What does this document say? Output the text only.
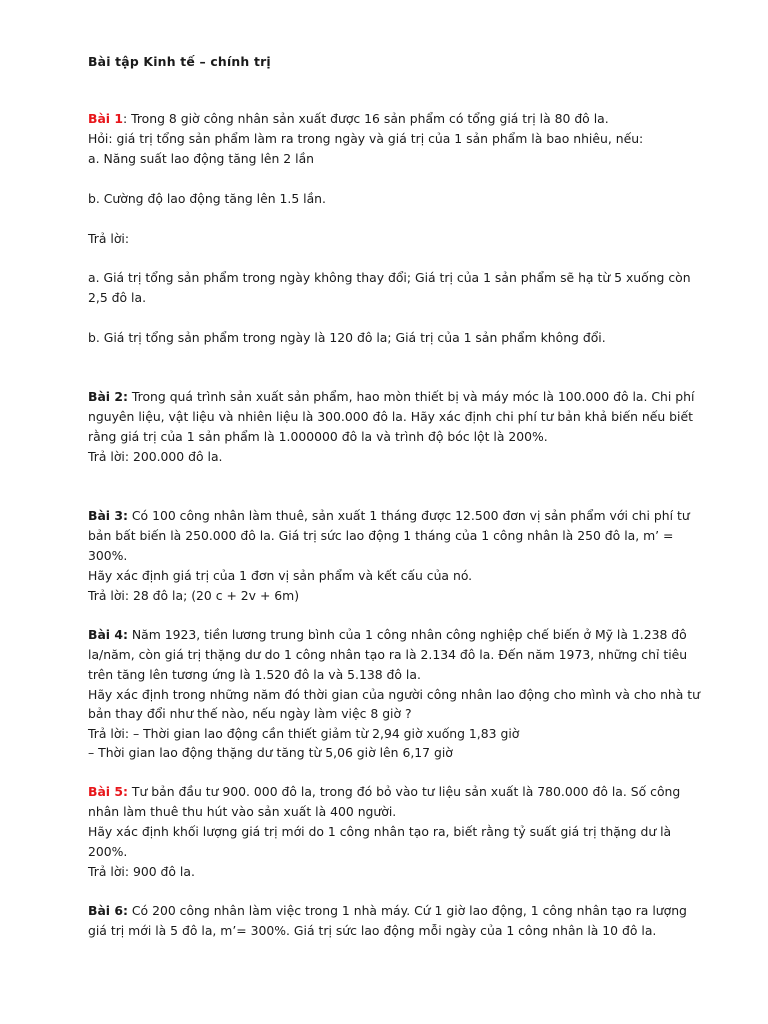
Bài tập Kinh tế – chính trị
Bài 1: Trong 8 giờ công nhân sản xuất được 16 sản phẩm có tổng giá trị là 80 đô la.
Hỏi: giá trị tổng sản phẩm làm ra trong ngày và giá trị của 1 sản phẩm là bao nhiêu, nếu:
a. Năng suất lao động tăng lên 2 lần
b. Cường độ lao động tăng lên 1.5 lần.
Trả lời:
a. Giá trị tổng sản phẩm trong ngày không thay đổi; Giá trị của 1 sản phẩm sẽ hạ từ 5 xuống còn
2,5 đô la.
b. Giá trị tổng sản phẩm trong ngày là 120 đô la; Giá trị của 1 sản phẩm không đổi.
Bài 2: Trong quá trình sản xuất sản phẩm, hao mòn thiết bị và máy móc là 100.000 đô la. Chi phí
nguyên liệu, vật liệu và nhiên liệu là 300.000 đô la. Hãy xác định chi phí tư bản khả biến nếu biết
rằng giá trị của 1 sản phẩm là 1.000000 đô la và trình độ bóc lột là 200%.
Trả lời: 200.000 đô la.
Bài 3: Có 100 công nhân làm thuê, sản xuất 1 tháng được 12.500 đơn vị sản phẩm với chi phí tư
bản bất biến là 250.000 đô la. Giá trị sức lao động 1 tháng của 1 công nhân là 250 đô la, m’ =
300%.
Hãy xác định giá trị của 1 đơn vị sản phẩm và kết cấu của nó.
Trả lời: 28 đô la; (20 c + 2v + 6m)
Bài 4: Năm 1923, tiền lương trung bình của 1 công nhân công nghiệp chế biến ở Mỹ là 1.238 đô
la/năm, còn giá trị thặng dư do 1 công nhân tạo ra là 2.134 đô la. Đến năm 1973, những chỉ tiêu
trên tăng lên tương ứng là 1.520 đô la và 5.138 đô la.
Hãy xác định trong những năm đó thời gian của người công nhân lao động cho mình và cho nhà tư
bản thay đổi như thế nào, nếu ngày làm việc 8 giờ ?
Trả lời: – Thời gian lao động cần thiết giảm từ 2,94 giờ xuống 1,83 giờ
– Thời gian lao động thặng dư tăng từ 5,06 giờ lên 6,17 giờ
Bài 5: Tư bản đầu tư 900. 000 đô la, trong đó bỏ vào tư liệu sản xuất là 780.000 đô la. Số công
nhân làm thuê thu hút vào sản xuất là 400 người.
Hãy xác định khối lượng giá trị mới do 1 công nhân tạo ra, biết rằng tỷ suất giá trị thặng dư là
200%.
Trả lời: 900 đô la.
Bài 6: Có 200 công nhân làm việc trong 1 nhà máy. Cứ 1 giờ lao động, 1 công nhân tạo ra lượng
giá trị mới là 5 đô la, m’= 300%. Giá trị sức lao động mỗi ngày của 1 công nhân là 10 đô la.
